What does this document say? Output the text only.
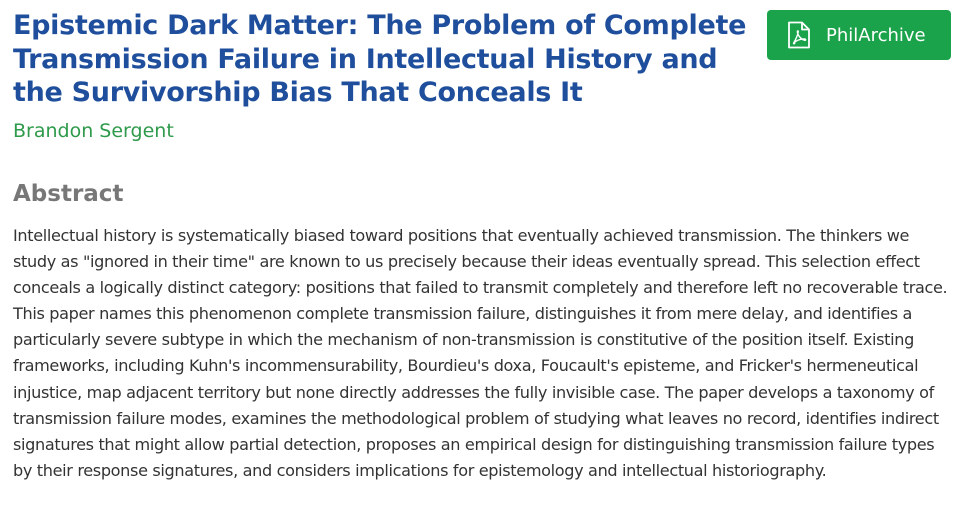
Epistemic Dark Matter: The Problem of Complete Transmission Failure in Intellectual History and the Survivorship Bias That Conceals It
Brandon Sergent
PhilArchive
Abstract

Intellectual history is systematically biased toward positions that eventually achieved transmission. The thinkers we study as "ignored in their time" are known to us precisely because their ideas eventually spread. This selection effect conceals a logically distinct category: positions that failed to transmit completely and therefore left no recoverable trace. This paper names this phenomenon complete transmission failure, distinguishes it from mere delay, and identifies a particularly severe subtype in which the mechanism of non-transmission is constitutive of the position itself. Existing frameworks, including Kuhn's incommensurability, Bourdieu's doxa, Foucault's episteme, and Fricker's hermeneutical injustice, map adjacent territory but none directly addresses the fully invisible case. The paper develops a taxonomy of transmission failure modes, examines the methodological problem of studying what leaves no record, identifies indirect signatures that might allow partial detection, proposes an empirical design for distinguishing transmission failure types by their response signatures, and considers implications for epistemology and intellectual historiography.
